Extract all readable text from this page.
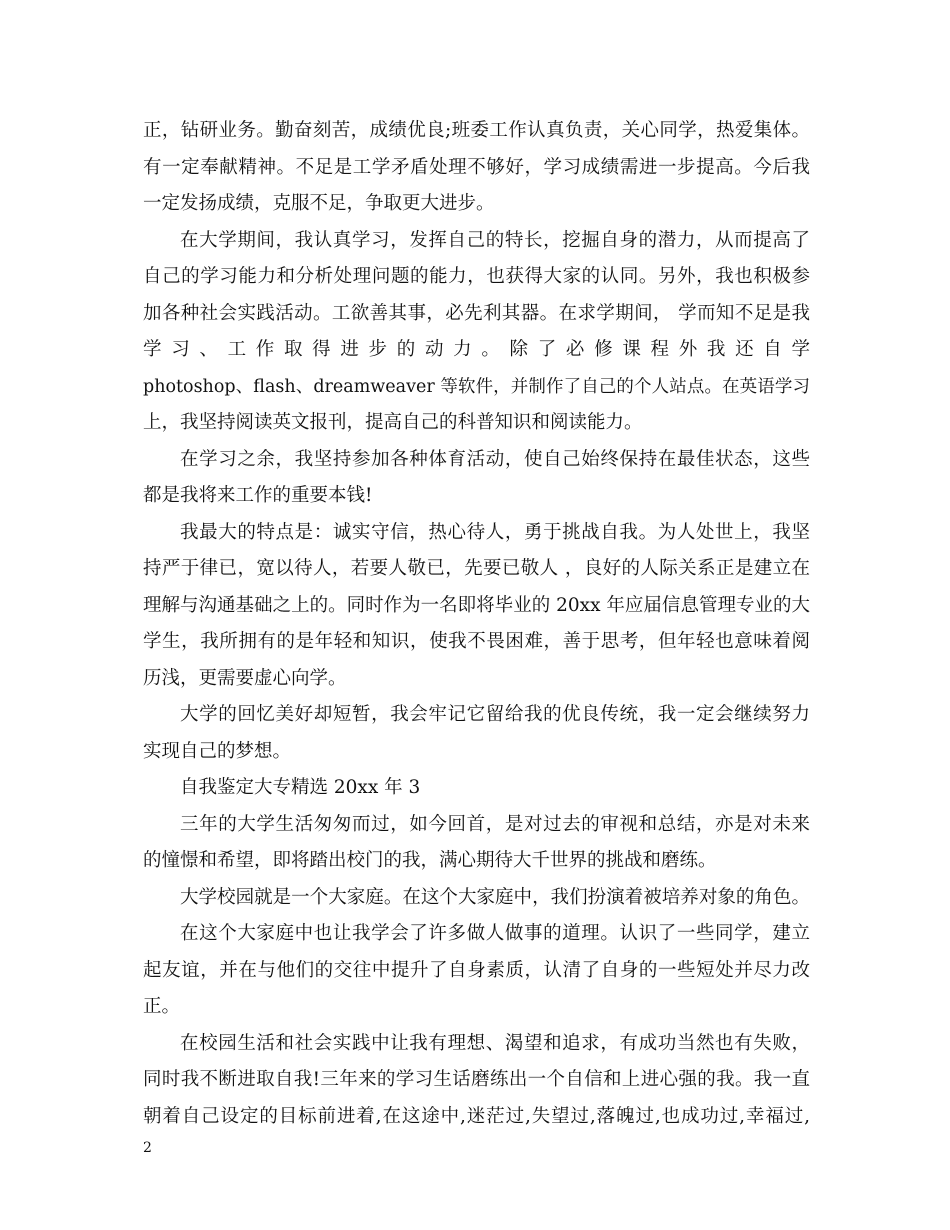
正，钻研业务。勤奋刻苦，成绩优良;班委工作认真负责，关心同学，热爱集体。
有一定奉献精神。不足是工学矛盾处理不够好，学习成绩需进一步提高。今后我
一定发扬成绩，克服不足，争取更大进步。
在大学期间，我认真学习，发挥自己的特长，挖掘自身的潜力，从而提高了
自己的学习能力和分析处理问题的能力，也获得大家的认同。另外，我也积极参
加各种社会实践活动。工欲善其事，必先利其器。在求学期间， 学而知不足是我
学 习 、 工 作 取 得 进 步 的 动 力 。 除 了 必 修 课 程 外 我 还 自 学
photoshop、flash、dreamweaver 等软件，并制作了自己的个人站点。在英语学习
上，我坚持阅读英文报刊，提高自己的科普知识和阅读能力。
在学习之余，我坚持参加各种体育活动，使自己始终保持在最佳状态，这些
都是我将来工作的重要本钱!
我最大的特点是：诚实守信，热心待人，勇于挑战自我。为人处世上，我坚
持严于律已，宽以待人，若要人敬已，先要已敬人 ，良好的人际关系正是建立在
理解与沟通基础之上的。同时作为一名即将毕业的 20xx 年应届信息管理专业的大
学生，我所拥有的是年轻和知识，使我不畏困难，善于思考，但年轻也意味着阅
历浅，更需要虚心向学。
大学的回忆美好却短暂，我会牢记它留给我的优良传统，我一定会继续努力
实现自己的梦想。
自我鉴定大专精选 20xx 年 3
三年的大学生活匆匆而过，如今回首，是对过去的审视和总结，亦是对未来
的憧憬和希望，即将踏出校门的我，满心期待大千世界的挑战和磨练。
大学校园就是一个大家庭。在这个大家庭中，我们扮演着被培养对象的角色。
在这个大家庭中也让我学会了许多做人做事的道理。认识了一些同学，建立
起友谊，并在与他们的交往中提升了自身素质，认清了自身的一些短处并尽力改
正。
在校园生活和社会实践中让我有理想、渴望和追求，有成功当然也有失败，
同时我不断进取自我!三年来的学习生话磨练出一个自信和上进心强的我。我一直
朝着自己设定的目标前进着,在这途中,迷茫过,失望过,落魄过,也成功过,幸福过,
2
